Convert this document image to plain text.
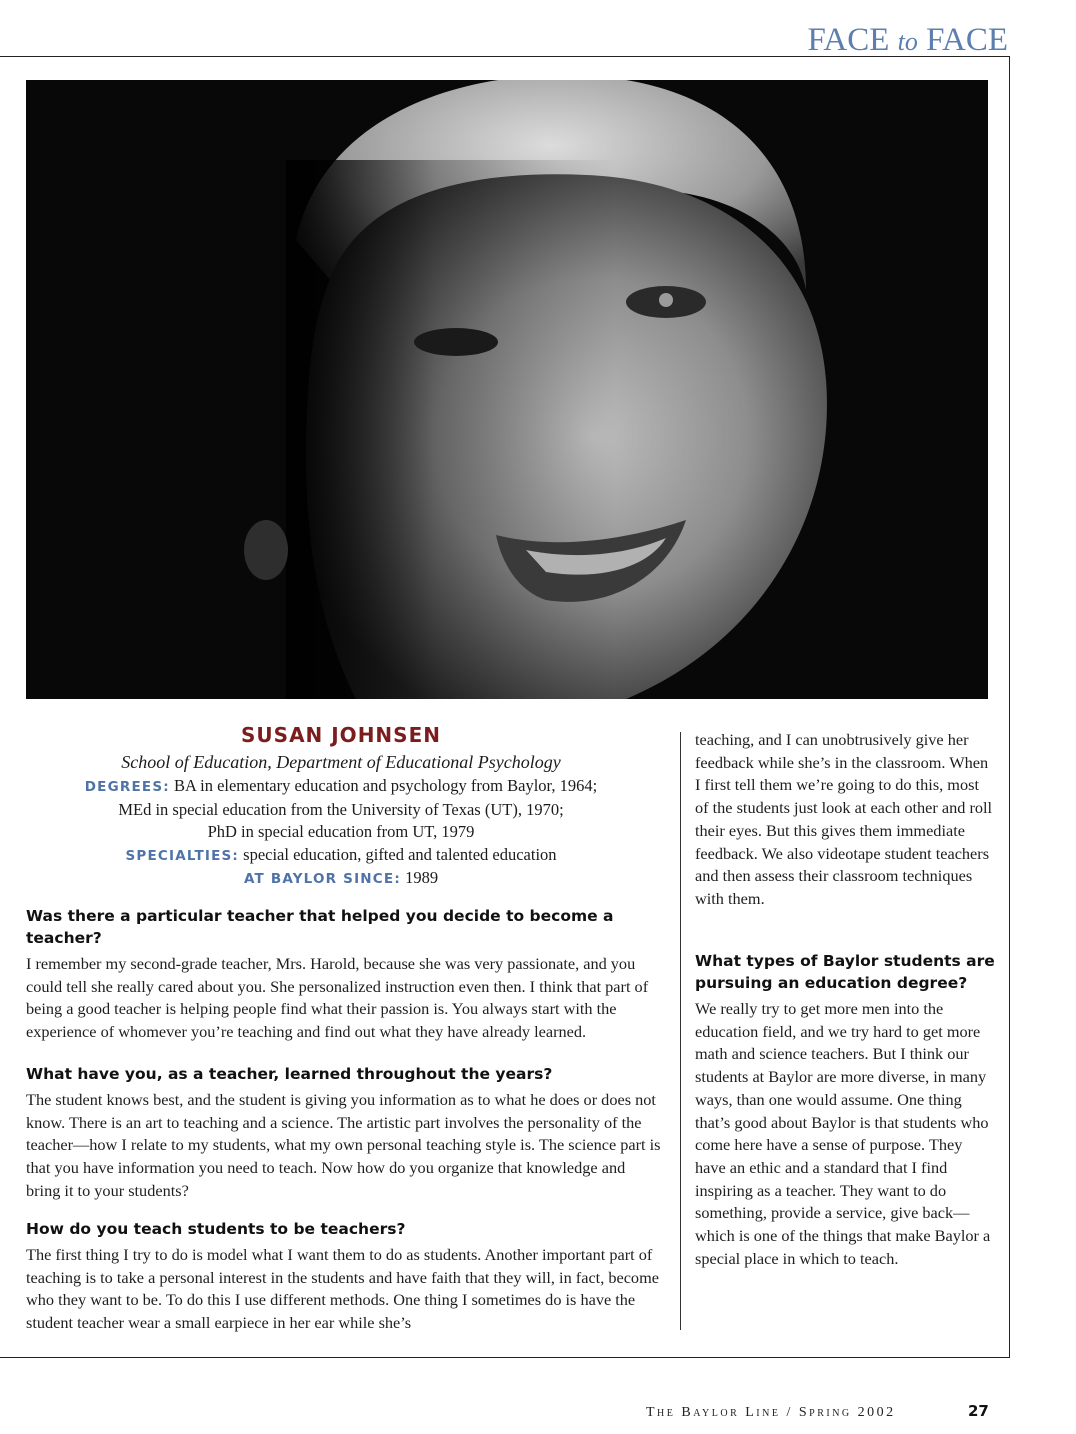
FACE to FACE
SUSAN JOHNSEN
School of Education, Department of Educational Psychology
DEGREES: BA in elementary education and psychology from Baylor, 1964;
MEd in special education from the University of Texas (UT), 1970;
PhD in special education from UT, 1979
SPECIALTIES: special education, gifted and talented education
AT BAYLOR SINCE: 1989
Was there a particular teacher that helped you decide to become a teacher?

I remember my second-grade teacher, Mrs. Harold, because she was very passionate, and you could tell she really cared about you. She personalized instruction even then. I think that part of being a good teacher is helping people find what their passion is. You always start with the experience of whomever you’re teaching and find out what they have already learned.

What have you, as a teacher, learned throughout the years?

The student knows best, and the student is giving you information as to what he does or does not know. There is an art to teaching and a science. The artistic part involves the personality of the teacher—how I relate to my students, what my own personal teaching style is. The science part is that you have information you need to teach. Now how do you organize that knowledge and bring it to your students?

How do you teach students to be teachers?

The first thing I try to do is model what I want them to do as students. Another important part of teaching is to take a personal interest in the students and have faith that they will, in fact, become who they want to be. To do this I use different methods. One thing I sometimes do is have the student teacher wear a small earpiece in her ear while she’s

teaching, and I can unobtrusively give her feedback while she’s in the classroom. When I first tell them we’re going to do this, most of the students just look at each other and roll their eyes. But this gives them immediate feedback. We also videotape student teachers and then assess their classroom techniques with them.

What types of Baylor students are pursuing an education degree?

We really try to get more men into the education field, and we try hard to get more math and science teachers. But I think our students at Baylor are more diverse, in many ways, than one would assume. One thing that’s good about Baylor is that students who come here have a sense of purpose. They have an ethic and a standard that I find inspiring as a teacher. They want to do something, provide a service, give back—which is one of the things that make Baylor a special place in which to teach.

The Baylor Line / Spring 2002	27
